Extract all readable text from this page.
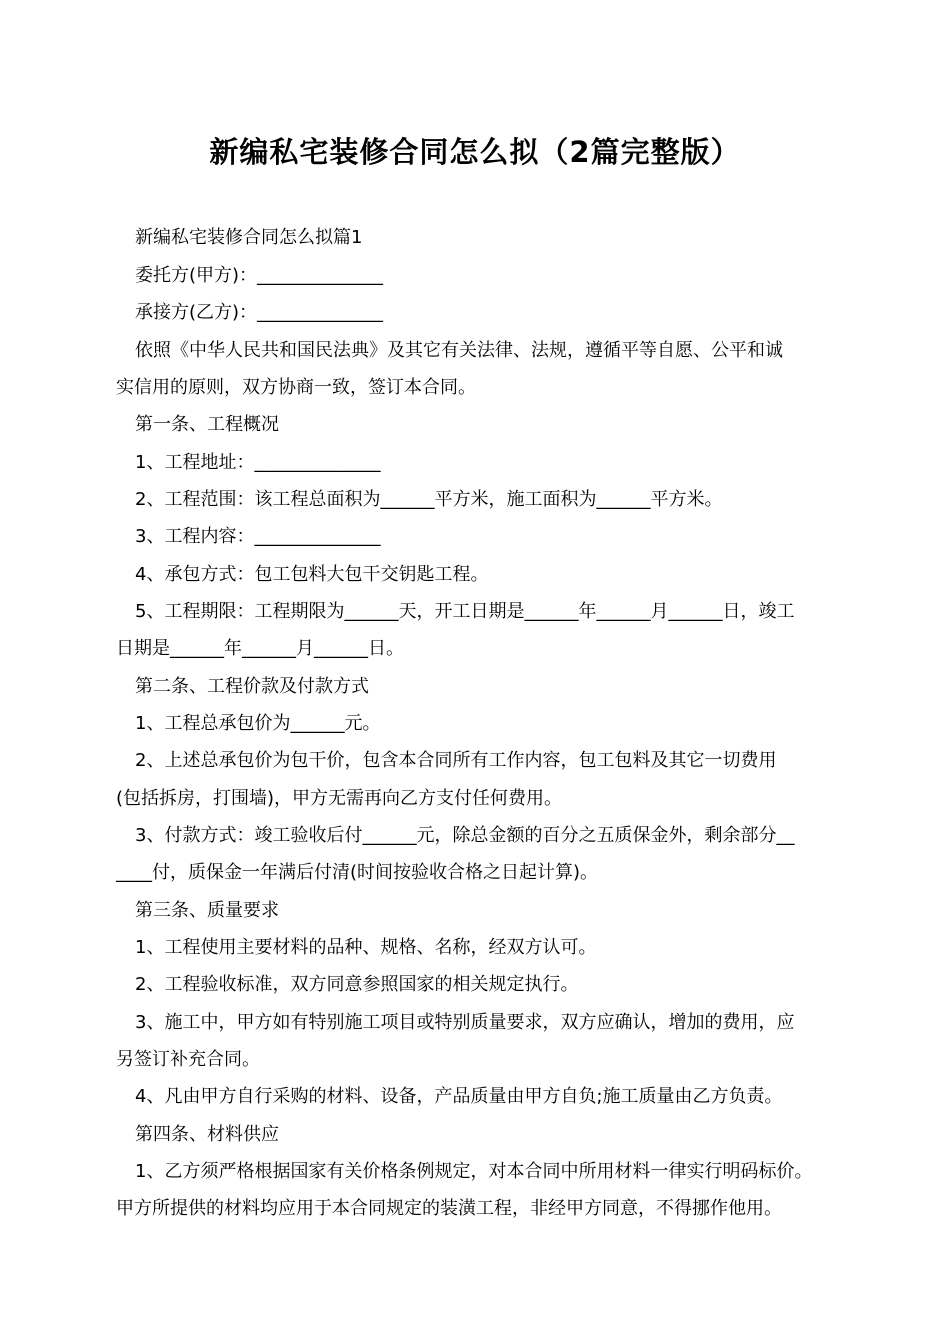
新编私宅装修合同怎么拟（2篇完整版）
新编私宅装修合同怎么拟篇1
委托方(甲方)：______________
承接方(乙方)：______________
依照《中华人民共和国民法典》及其它有关法律、法规，遵循平等自愿、公平和诚
实信用的原则，双方协商一致，签订本合同。
第一条、工程概况
1、工程地址：______________
2、工程范围：该工程总面积为______平方米，施工面积为______平方米。
3、工程内容：______________
4、承包方式：包工包料大包干交钥匙工程。
5、工程期限：工程期限为______天，开工日期是______年______月______日，竣工
日期是______年______月______日。
第二条、工程价款及付款方式
1、工程总承包价为______元。
2、上述总承包价为包干价，包含本合同所有工作内容，包工包料及其它一切费用
(包括拆房，打围墙)，甲方无需再向乙方支付任何费用。
3、付款方式：竣工验收后付______元，除总金额的百分之五质保金外，剩余部分__
____付，质保金一年满后付清(时间按验收合格之日起计算)。
第三条、质量要求
1、工程使用主要材料的品种、规格、名称，经双方认可。
2、工程验收标准，双方同意参照国家的相关规定执行。
3、施工中，甲方如有特别施工项目或特别质量要求，双方应确认，增加的费用，应
另签订补充合同。
4、凡由甲方自行采购的材料、设备，产品质量由甲方自负;施工质量由乙方负责。
第四条、材料供应
1、乙方须严格根据国家有关价格条例规定，对本合同中所用材料一律实行明码标价。
甲方所提供的材料均应用于本合同规定的装潢工程，非经甲方同意，不得挪作他用。
